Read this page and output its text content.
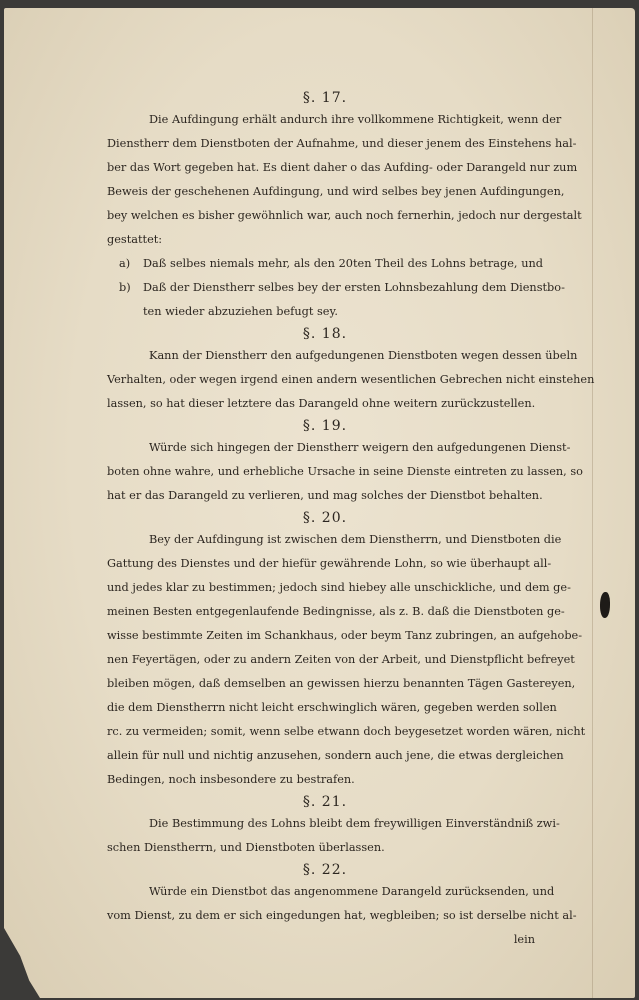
§. 17.
Die Aufdingung erhält andurch ihre vollkommene Richtigkeit, wenn der
Dienstherr dem Dienstboten der Aufnahme, und dieser jenem des Einstehens hal-
ber das Wort gegeben hat. Es dient daher o das Aufding- oder Darangeld nur zum
Beweis der geschehenen Aufdingung, und wird selbes bey jenen Aufdingungen,
bey welchen es bisher gewöhnlich war, auch noch fernerhin, jedoch nur dergestalt
gestattet:
a)	Daß selbes niemals mehr, als den 20ten Theil des Lohns betrage, und
b)	Daß der Dienstherr selbes bey der ersten Lohnsbezahlung dem Dienstbo-
ten wieder abzuziehen befugt sey.
§. 18.
Kann der Dienstherr den aufgedungenen Dienstboten wegen dessen übeln
Verhalten, oder wegen irgend einen andern wesentlichen Gebrechen nicht einstehen
lassen, so hat dieser letztere das Darangeld ohne weitern zurückzustellen.
§. 19.
Würde sich hingegen der Dienstherr weigern den aufgedungenen Dienst-
boten ohne wahre, und erhebliche Ursache in seine Dienste eintreten zu lassen, so
hat er das Darangeld zu verlieren, und mag solches der Dienstbot behalten.
§. 20.
Bey der Aufdingung ist zwischen dem Dienstherrn, und Dienstboten die
Gattung des Dienstes und der hiefür gewährende Lohn, so wie überhaupt all-
und jedes klar zu bestimmen; jedoch sind hiebey alle unschickliche, und dem ge-
meinen Besten entgegenlaufende Bedingnisse, als z. B. daß die Dienstboten ge-
wisse bestimmte Zeiten im Schankhaus, oder beym Tanz zubringen, an aufgehobe-
nen Feyertägen, oder zu andern Zeiten von der Arbeit, und Dienstpflicht befreyet
bleiben mögen, daß demselben an gewissen hierzu benannten Tägen Gastereyen,
die dem Dienstherrn nicht leicht erschwinglich wären, gegeben werden sollen
rc. zu vermeiden; somit, wenn selbe etwann doch beygesetzet worden wären, nicht
allein für null und nichtig anzusehen, sondern auch jene, die etwas dergleichen
Bedingen, noch insbesondere zu bestrafen.
§. 21.
Die Bestimmung des Lohns bleibt dem freywilligen Einverständniß zwi-
schen Dienstherrn, und Dienstboten überlassen.
§. 22.
Würde ein Dienstbot das angenommene Darangeld zurücksenden, und
vom Dienst, zu dem er sich eingedungen hat, wegbleiben; so ist derselbe nicht al-
lein
